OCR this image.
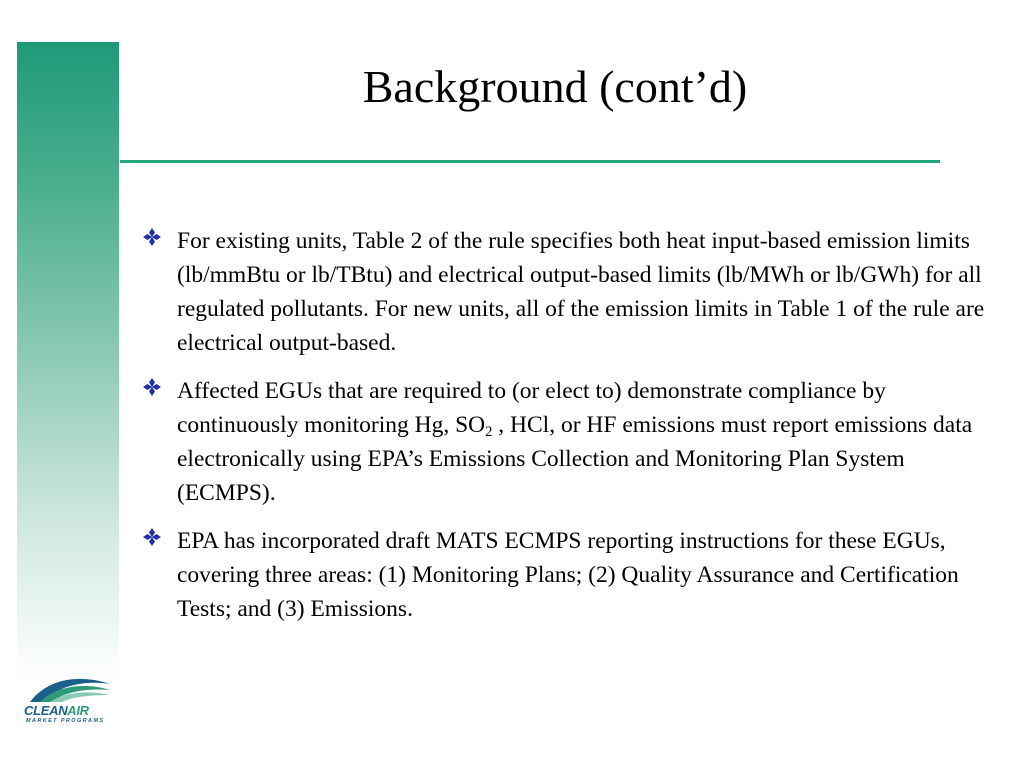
Background (cont’d)
For existing units, Table 2 of the rule specifies both heat input-based emission limits (lb/mmBtu or lb/TBtu) and electrical output-based limits (lb/MWh or lb/GWh) for all regulated pollutants. For new units, all of the emission limits in Table 1 of the rule are electrical output-based.
Affected EGUs that are required to (or elect to) demonstrate compliance by continuously monitoring Hg, $SO_2$ , HCl, or HF emissions must report emissions data electronically using EPA’s Emissions Collection and Monitoring Plan System (ECMPS).
EPA has incorporated draft MATS ECMPS reporting instructions for these EGUs, covering three areas: (1) Monitoring Plans; (2) Quality Assurance and Certification Tests; and (3) Emissions.
CLEANAIR
MARKET PROGRAMS
